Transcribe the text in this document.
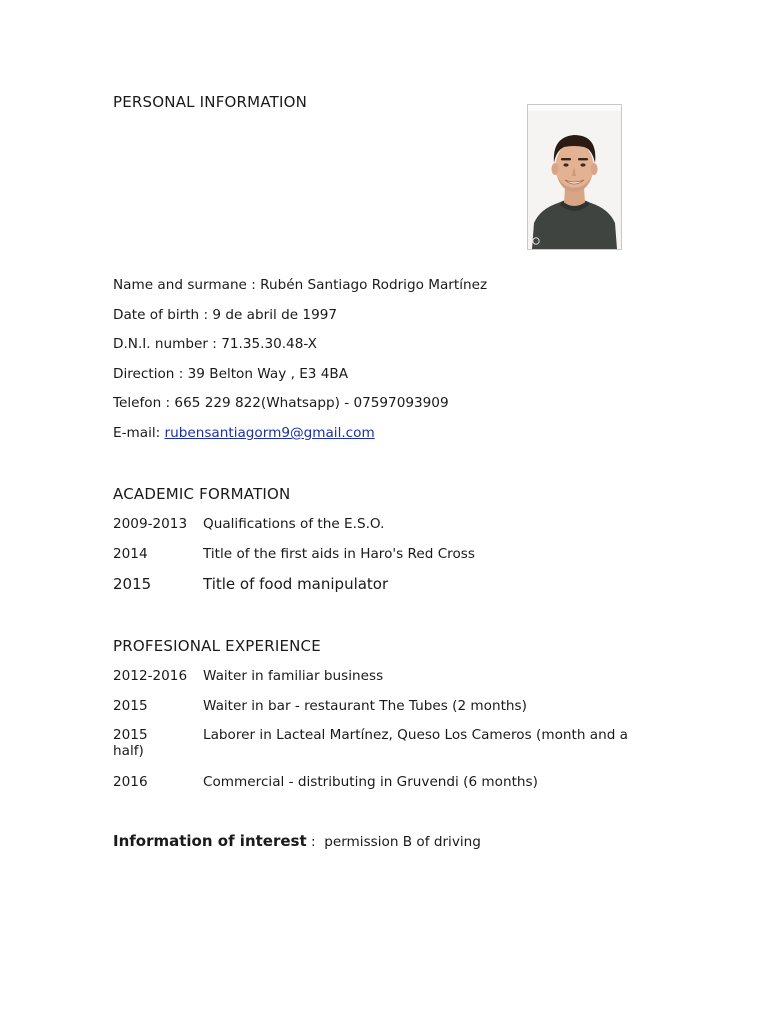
PERSONAL INFORMATION
Name and surmane : Rubén Santiago Rodrigo Martínez
Date of birth : 9 de abril de 1997
D.N.I. number : 71.35.30.48-X
Direction : 39 Belton Way , E3 4BA
Telefon : 665 229 822(Whatsapp) - 07597093909
E-mail: rubensantiagorm9@gmail.com
ACADEMIC FORMATION
2009-2013 Qualifications of the E.S.O.
2014	Title of the first aids in Haro's Red Cross
2015	Title of food manipulator
PROFESIONAL EXPERIENCE
2012-2016 Waiter in familiar business
2015	Waiter in bar - restaurant The Tubes (2 months)
2015	Laborer in Lacteal Martínez, Queso Los Cameros (month and a half)
2016	Commercial - distributing in Gruvendi (6 months)
Information of interest :  permission B of driving
